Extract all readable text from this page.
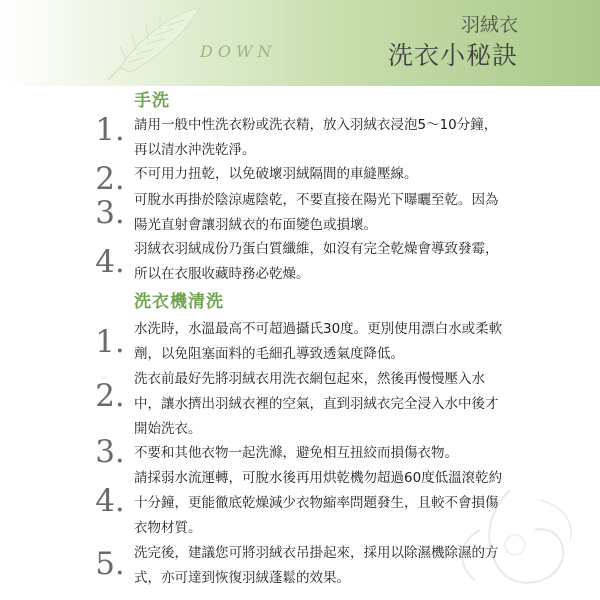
DOWN
羽絨衣
洗衣小秘訣
手洗
1. 請用一般中性洗衣粉或洗衣精，放入羽絨衣浸泡5～10分鐘，再以清水沖洗乾淨。
2. 不可用力扭乾，以免破壞羽絨隔間的車縫壓線。
3. 可脫水再掛於陰涼處陰乾，不要直接在陽光下曝曬至乾。因為陽光直射會讓羽絨衣的布面變色或損壞。
4. 羽絨衣羽絨成份乃蛋白質纖維，如沒有完全乾燥會導致發霉，所以在衣服收藏時務必乾燥。
洗衣機清洗
1. 水洗時，水溫最高不可超過攝氏30度。更別使用漂白水或柔軟劑，以免阻塞面料的毛細孔導致透氣度降低。
2. 洗衣前最好先將羽絨衣用洗衣網包起來，然後再慢慢壓入水中，讓水擠出羽絨衣裡的空氣，直到羽絨衣完全浸入水中後才開始洗衣。
3. 不要和其他衣物一起洗滌，避免相互扭絞而損傷衣物。
4.
請採弱水流運轉，可脫水後再用烘乾機勿超過60度低溫滾乾約十分鐘，更能徹底乾燥減少衣物縮率問題發生，且較不會損傷衣物材質。
5. 洗完後，建議您可將羽絨衣吊掛起來，採用以除濕機除濕的方式，亦可達到恢復羽絨蓬鬆的效果。
